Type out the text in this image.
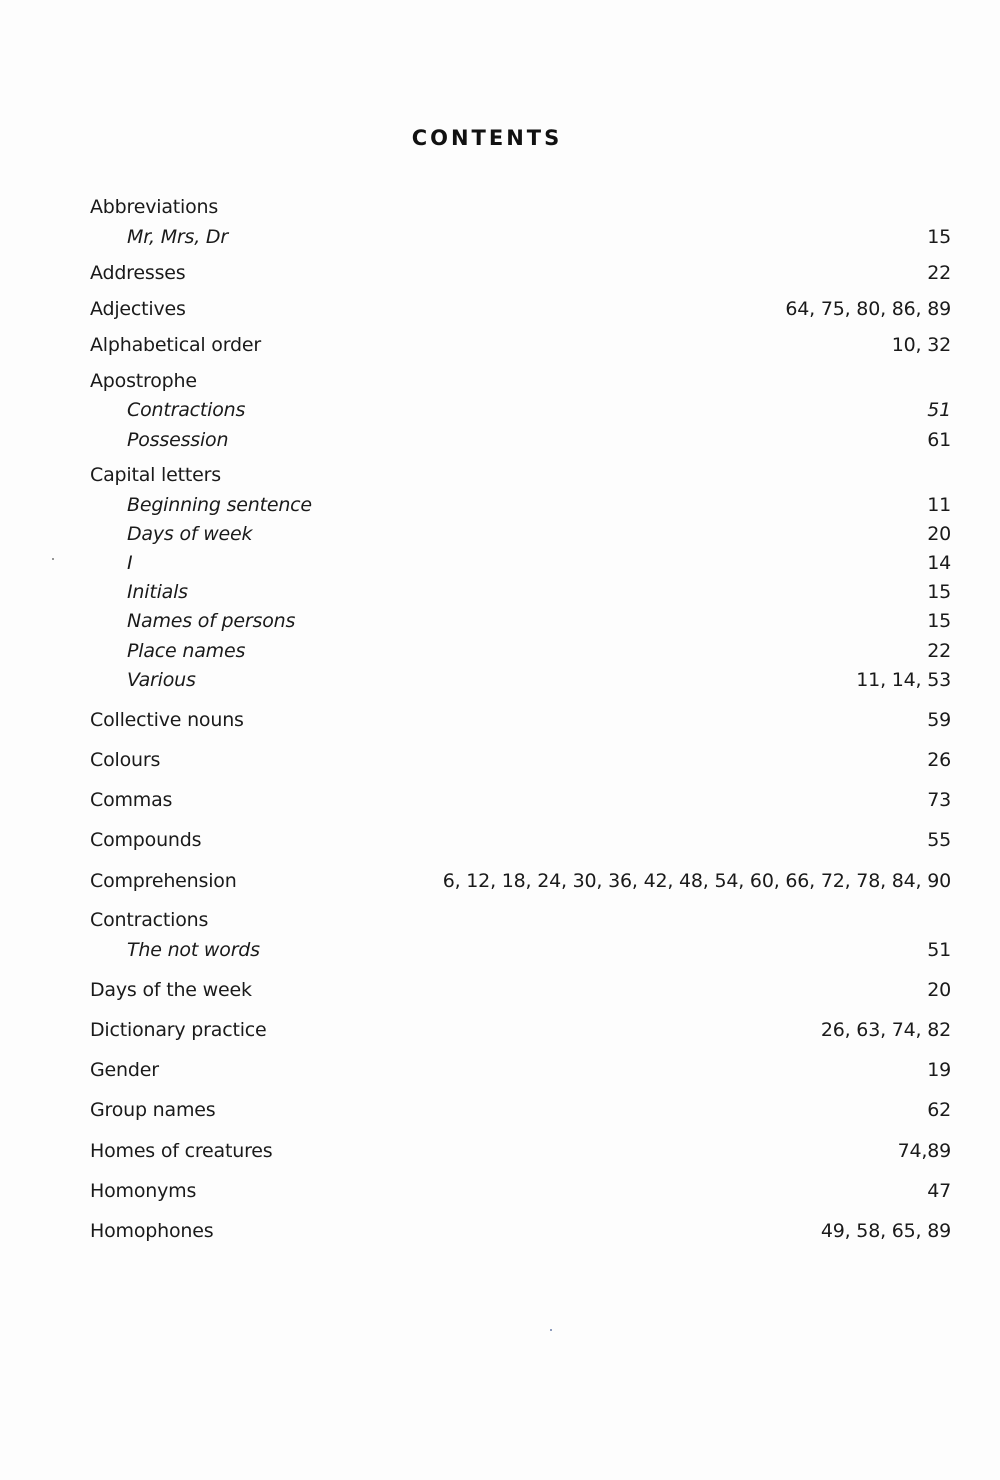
CONTENTS
Abbreviations
Mr, Mrs, Dr	15
Addresses	22
Adjectives	64, 75, 80, 86, 89
Alphabetical order	10, 32
Apostrophe
Contractions	51
Possession	61
Capital letters
Beginning sentence	11
Days of week	20
I	14
Initials	15
Names of persons	15
Place names	22
Various	11, 14, 53
Collective nouns	59
Colours	26
Commas	73
Compounds	55
Comprehension	6, 12, 18, 24, 30, 36, 42, 48, 54, 60, 66, 72, 78, 84, 90
Contractions
The not words	51
Days of the week	20
Dictionary practice	26, 63, 74, 82
Gender	19
Group names	62
Homes of creatures	74,89
Homonyms	47
Homophones	49, 58, 65, 89
